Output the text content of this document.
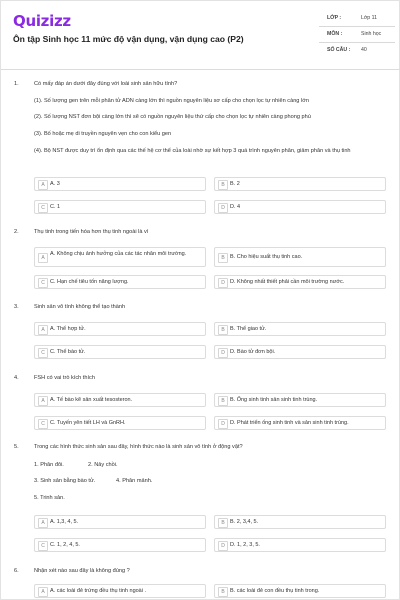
Quizizz
Ôn tập Sinh học 11 mức độ vận dụng, vận dụng cao (P2)
LỚP :	Lớp 11
MÔN :	Sinh học
SỐ CÂU : 40
1.	Có mấy đáp án dưới đây đúng với loài sinh sản hữu tính?
(1). Số lượng gen trên mỗi phân tử ADN càng lớn thì nguồn nguyên liệu sơ cấp cho chọn lọc tự nhiên càng lớn
(2). Số lượng NST đơn bội càng lớn thì sẽ có nguồn nguyên liệu thứ cấp cho chọn lọc tự nhiên càng phong phú
(3). Bố hoặc mẹ di truyền nguyên vẹn cho con kiểu gen
(4). Bộ NST được duy trì ổn định qua các thế hệ cơ thể của loài nhờ sự kết hợp 3 quá trình nguyên phân, giảm phân và thụ tinh
A A. 3	B B. 2
C C. 1	D D. 4
2.	Thụ tinh trong tiến hóa hơn thụ tinh ngoài là vì
A
A. Không chịu ảnh hưởng của các tác nhân môi trường.
B B. Cho hiệu suất thụ tinh cao.
C C. Hạn chế tiêu tốn năng lượng.	D D. Không nhất thiết phải cần môi trường nước.
3.	Sinh sản vô tính không thể tạo thành
A A. Thể hợp tử.	B B. Thể giao tử.
C C. Thể bào tử.	D D. Bào tử đơn bội.
4.	FSH có vai trò kích thích
A A. Tế bào kẽ sản xuất tesosteron.	B B. Ống sinh tinh sản sinh tinh trùng.
C C. Tuyến yên tiết LH và GnRH.	D D. Phát triển ống sinh tinh và sản sinh tinh trùng.
5.	Trong các hình thức sinh sản sau đây, hình thức nào là sinh sản vô tính ở động vật?
1. Phân đôi.	2. Nảy chồi.
3. Sinh sản bằng bào tử.	4. Phân mảnh.
5. Trinh sản.
A A. 1,3, 4, 5.	B B. 2, 3,4, 5.
C C. 1, 2, 4, 5.	D D. 1, 2, 3, 5.
6.	Nhận xét nào sau đây là không đúng ?
A A. các loài đẻ trứng đều thụ tinh ngoài .	B B. các loài đẻ con đều thụ tinh trong.
